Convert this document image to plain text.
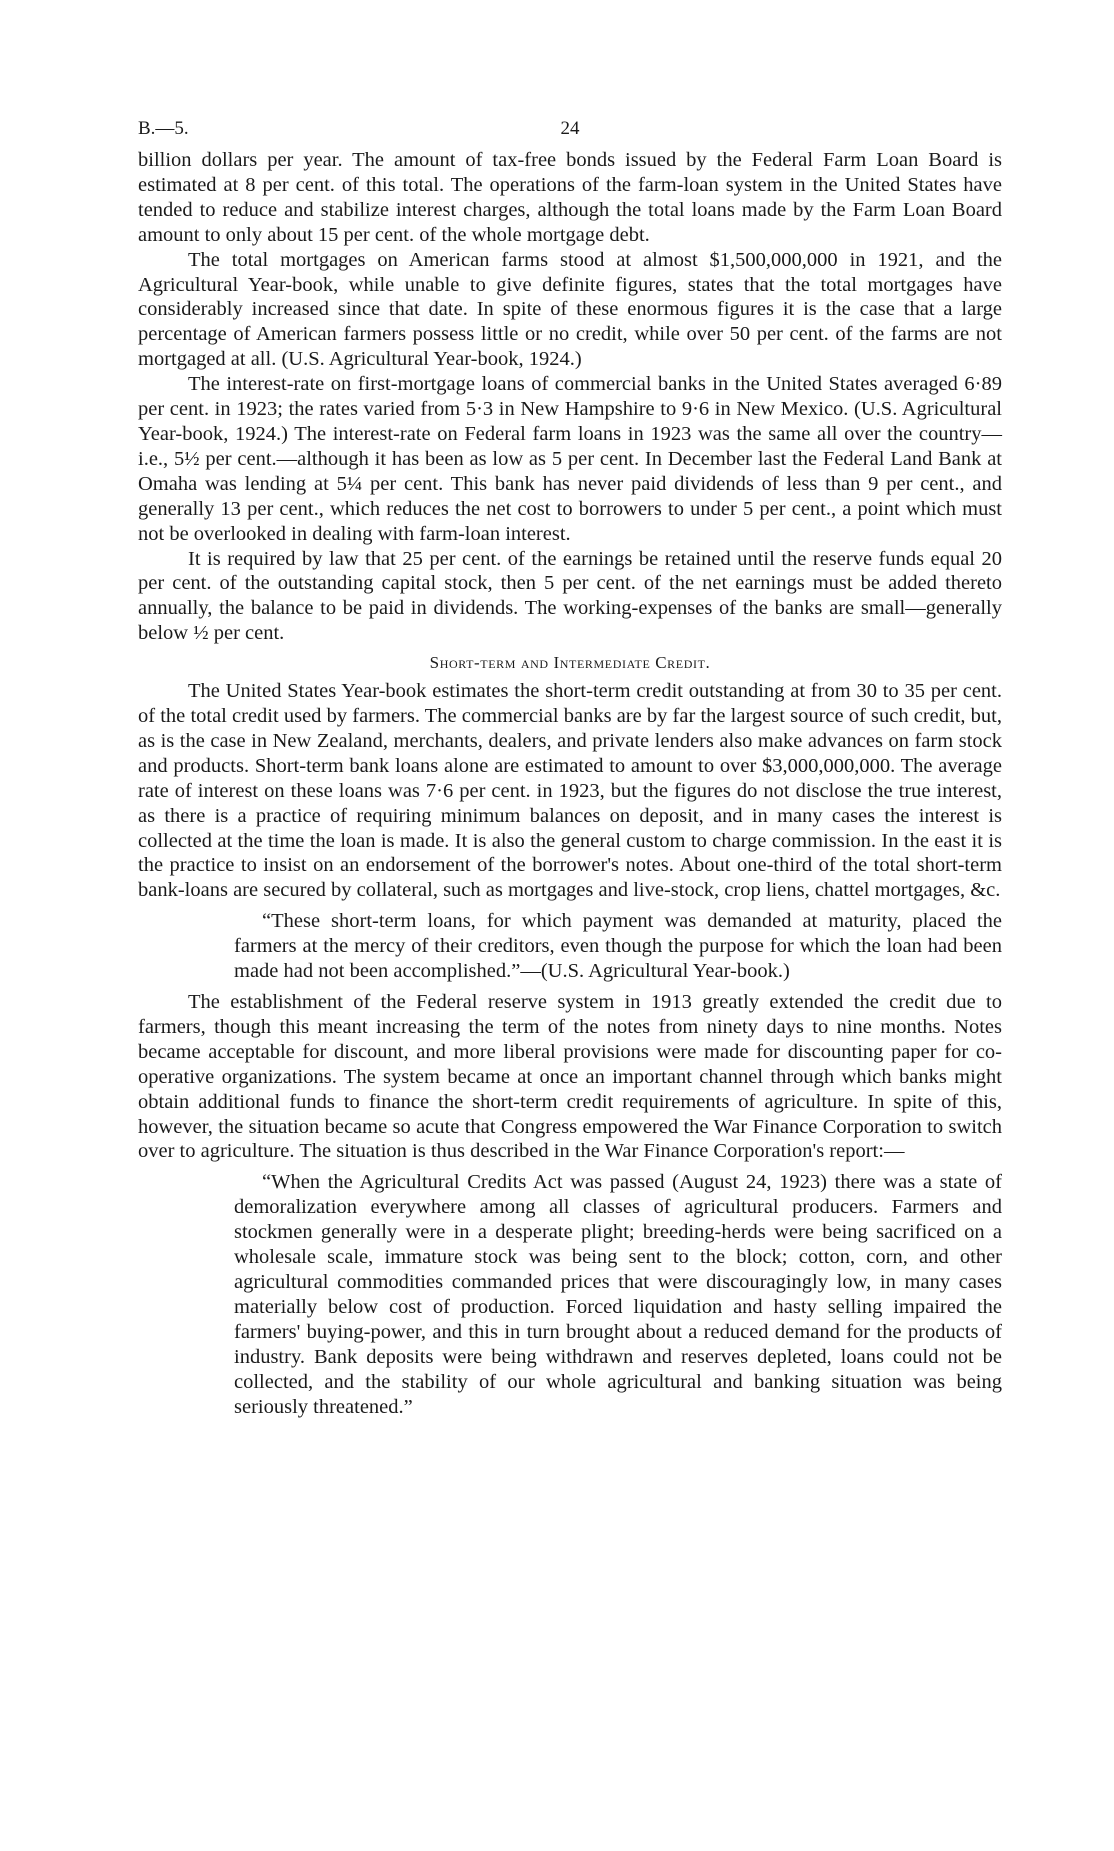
B.—5.	24

billion dollars per year. The amount of tax-free bonds issued by the Federal Farm Loan Board is estimated at 8 per cent. of this total. The operations of the farm-loan system in the United States have tended to reduce and stabilize interest charges, although the total loans made by the Farm Loan Board amount to only about 15 per cent. of the whole mortgage debt.

The total mortgages on American farms stood at almost $1,500,000,000 in 1921, and the Agricultural Year-book, while unable to give definite figures, states that the total mortgages have considerably increased since that date. In spite of these enormous figures it is the case that a large percentage of American farmers possess little or no credit, while over 50 per cent. of the farms are not mortgaged at all. (U.S. Agricultural Year-book, 1924.)

The interest-rate on first-mortgage loans of commercial banks in the United States averaged 6·89 per cent. in 1923; the rates varied from 5·3 in New Hampshire to 9·6 in New Mexico. (U.S. Agricultural Year-book, 1924.) The interest-rate on Federal farm loans in 1923 was the same all over the country—i.e., 5½ per cent.—although it has been as low as 5 per cent. In December last the Federal Land Bank at Omaha was lending at 5¼ per cent. This bank has never paid dividends of less than 9 per cent., and generally 13 per cent., which reduces the net cost to borrowers to under 5 per cent., a point which must not be overlooked in dealing with farm-loan interest.

It is required by law that 25 per cent. of the earnings be retained until the reserve funds equal 20 per cent. of the outstanding capital stock, then 5 per cent. of the net earnings must be added thereto annually, the balance to be paid in dividends. The working-expenses of the banks are small—generally below ½ per cent.

Short-term and Intermediate Credit.

The United States Year-book estimates the short-term credit outstanding at from 30 to 35 per cent. of the total credit used by farmers. The commercial banks are by far the largest source of such credit, but, as is the case in New Zealand, merchants, dealers, and private lenders also make advances on farm stock and products. Short-term bank loans alone are estimated to amount to over $3,000,000,000. The average rate of interest on these loans was 7·6 per cent. in 1923, but the figures do not disclose the true interest, as there is a practice of requiring minimum balances on deposit, and in many cases the interest is collected at the time the loan is made. It is also the general custom to charge commission. In the east it is the practice to insist on an endorsement of the borrower's notes. About one-third of the total short-term bank-loans are secured by collateral, such as mortgages and live-stock, crop liens, chattel mortgages, &c.

“These short-term loans, for which payment was demanded at maturity, placed the farmers at the mercy of their creditors, even though the purpose for which the loan had been made had not been accomplished.”—(U.S. Agricultural Year-book.)

The establishment of the Federal reserve system in 1913 greatly extended the credit due to farmers, though this meant increasing the term of the notes from ninety days to nine months. Notes became acceptable for discount, and more liberal provisions were made for discounting paper for co-operative organizations. The system became at once an important channel through which banks might obtain additional funds to finance the short-term credit requirements of agriculture. In spite of this, however, the situation became so acute that Congress empowered the War Finance Corporation to switch over to agriculture. The situation is thus described in the War Finance Corporation's report:—

“When the Agricultural Credits Act was passed (August 24, 1923) there was a state of demoralization everywhere among all classes of agricultural producers. Farmers and stockmen generally were in a desperate plight; breeding-herds were being sacrificed on a wholesale scale, immature stock was being sent to the block; cotton, corn, and other agricultural commodities commanded prices that were discouragingly low, in many cases materially below cost of production. Forced liquidation and hasty selling impaired the farmers' buying-power, and this in turn brought about a reduced demand for the products of industry. Bank deposits were being withdrawn and reserves depleted, loans could not be collected, and the stability of our whole agricultural and banking situation was being seriously threatened.”
